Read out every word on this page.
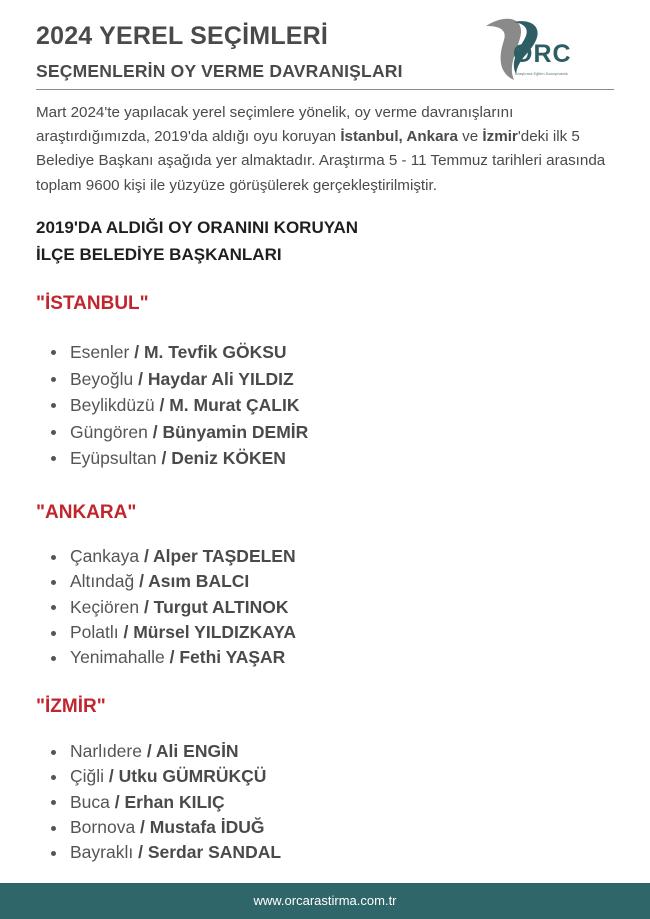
2024 YEREL SEÇİMLERİ
SEÇMENLERİN OY VERME DAVRANIŞLARI
ORC
Araştırma Eğitim Danışmanlık
Mart 2024'te yapılacak yerel seçimlere yönelik, oy verme davranışlarını araştırdığımızda, 2019'da aldığı oyu koruyan İstanbul, Ankara ve İzmir'deki ilk 5 Belediye Başkanı aşağıda yer almaktadır. Araştırma 5 - 11 Temmuz tarihleri arasında toplam 9600 kişi ile yüzyüze görüşülerek gerçekleştirilmiştir.
2019'DA ALDIĞI OY ORANINI KORUYAN
İLÇE BELEDİYE BAŞKANLARI
"İSTANBUL"
Esenler / M. Tevfik GÖKSU
Beyoğlu / Haydar Ali YILDIZ
Beylikdüzü / M. Murat ÇALIK
Güngören / Bünyamin DEMİR
Eyüpsultan / Deniz KÖKEN
"ANKARA"
Çankaya / Alper TAŞDELEN
Altındağ / Asım BALCI
Keçiören / Turgut ALTINOK
Polatlı / Mürsel YILDIZKAYA
Yenimahalle / Fethi YAŞAR
"İZMİR"
Narlıdere / Ali ENGİN
Çiğli / Utku GÜMRÜKÇÜ
Buca / Erhan KILIÇ
Bornova / Mustafa İDUĞ
Bayraklı / Serdar SANDAL
www.orcarastirma.com.tr
